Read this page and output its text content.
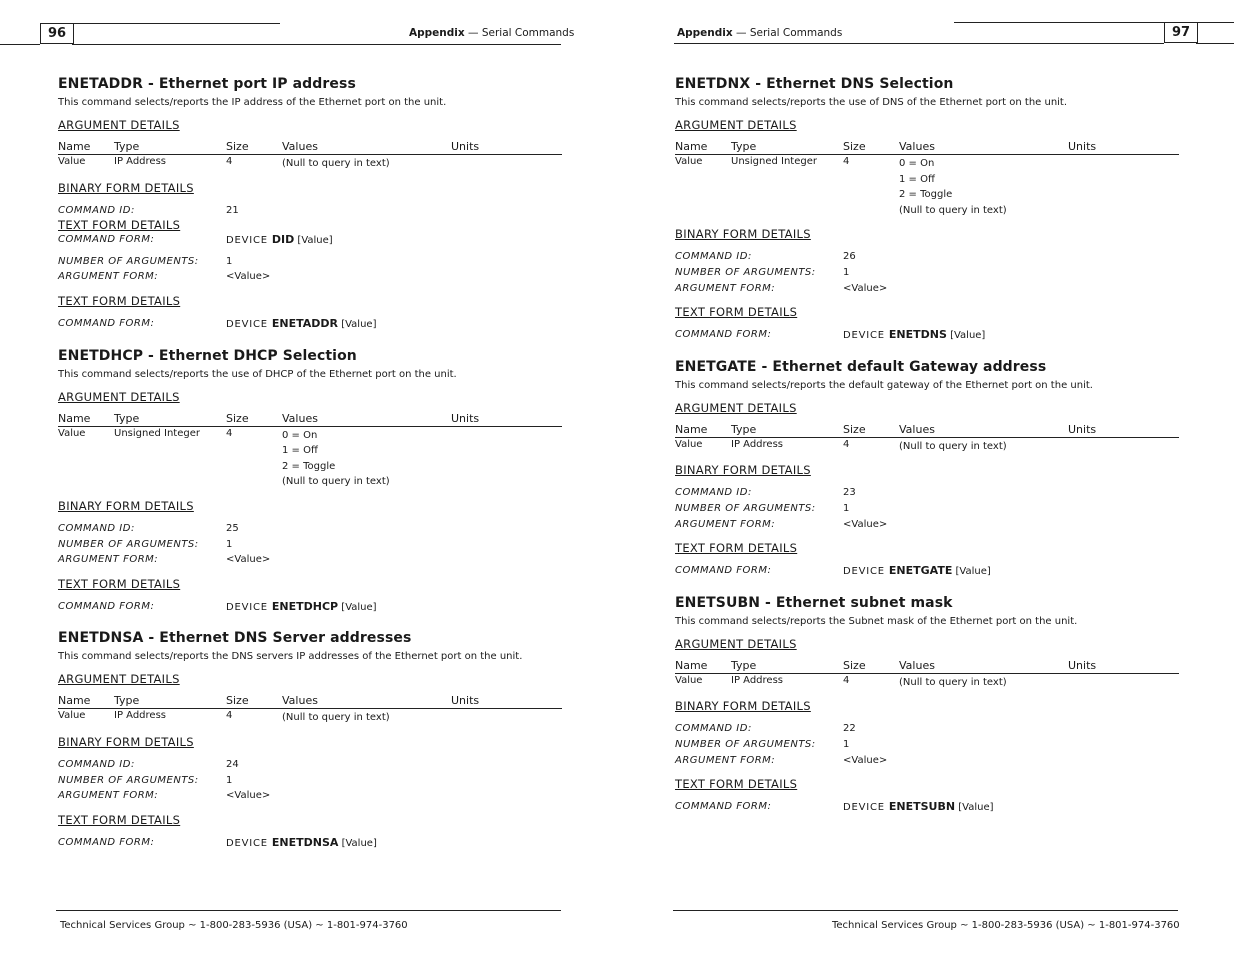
96	Appendix — Serial Commands
ENETADDR - Ethernet port IP address
This command selects/reports the IP address of the Ethernet port on the unit.
ARGUMENT DETAILS
Name	Type	Size	Values	Units
Value	IP Address	4	(Null to query in text)	

BINARY FORM DETAILS
COMMAND ID:	21
TEXT FORM DETAILS
COMMAND FORM:	DEVICE DID [Value]
NUMBER OF ARGUMENTS:	1
ARGUMENT FORM:	<Value>
TEXT FORM DETAILS
COMMAND FORM:	DEVICE ENETADDR [Value]
ENETDHCP - Ethernet DHCP Selection
This command selects/reports the use of DHCP of the Ethernet port on the unit.
ARGUMENT DETAILS
Name	Type	Size	Values	Units
Value	Unsigned Integer	4	0 = On
1 = Off
2 = Toggle
(Null to query in text)	

BINARY FORM DETAILS
COMMAND ID:	25
NUMBER OF ARGUMENTS:	1
ARGUMENT FORM:	<Value>
TEXT FORM DETAILS
COMMAND FORM:	DEVICE ENETDHCP [Value]
ENETDNSA - Ethernet DNS Server addresses
This command selects/reports the DNS servers IP addresses of the Ethernet port on the unit.
ARGUMENT DETAILS
Name	Type	Size	Values	Units
Value	IP Address	4	(Null to query in text)	

BINARY FORM DETAILS
COMMAND ID:	24
NUMBER OF ARGUMENTS:	1
ARGUMENT FORM:	<Value>
TEXT FORM DETAILS
COMMAND FORM:	DEVICE ENETDNSA [Value]
Technical Services Group ~ 1-800-283-5936 (USA) ~ 1-801-974-3760
97
Appendix — Serial Commands
ENETDNX - Ethernet DNS Selection
This command selects/reports the use of DNS of the Ethernet port on the unit.
ARGUMENT DETAILS
Name	Type	Size	Values	Units
Value	Unsigned Integer	4	0 = On
1 = Off
2 = Toggle
(Null to query in text)	

BINARY FORM DETAILS
COMMAND ID:	26
NUMBER OF ARGUMENTS:	1
ARGUMENT FORM:	<Value>
TEXT FORM DETAILS
COMMAND FORM:	DEVICE ENETDNS [Value]
ENETGATE - Ethernet default Gateway address
This command selects/reports the default gateway of the Ethernet port on the unit.
ARGUMENT DETAILS
Name	Type	Size	Values	Units
Value	IP Address	4	(Null to query in text)	

BINARY FORM DETAILS
COMMAND ID:	23
NUMBER OF ARGUMENTS:	1
ARGUMENT FORM:	<Value>
TEXT FORM DETAILS
COMMAND FORM:	DEVICE ENETGATE [Value]
ENETSUBN - Ethernet subnet mask
This command selects/reports the Subnet mask of the Ethernet port on the unit.
ARGUMENT DETAILS
Name	Type	Size	Values	Units
Value	IP Address	4	(Null to query in text)	

BINARY FORM DETAILS
COMMAND ID:	22
NUMBER OF ARGUMENTS:	1
ARGUMENT FORM:	<Value>
TEXT FORM DETAILS
COMMAND FORM:	DEVICE ENETSUBN [Value]
Technical Services Group ~ 1-800-283-5936 (USA) ~ 1-801-974-3760
